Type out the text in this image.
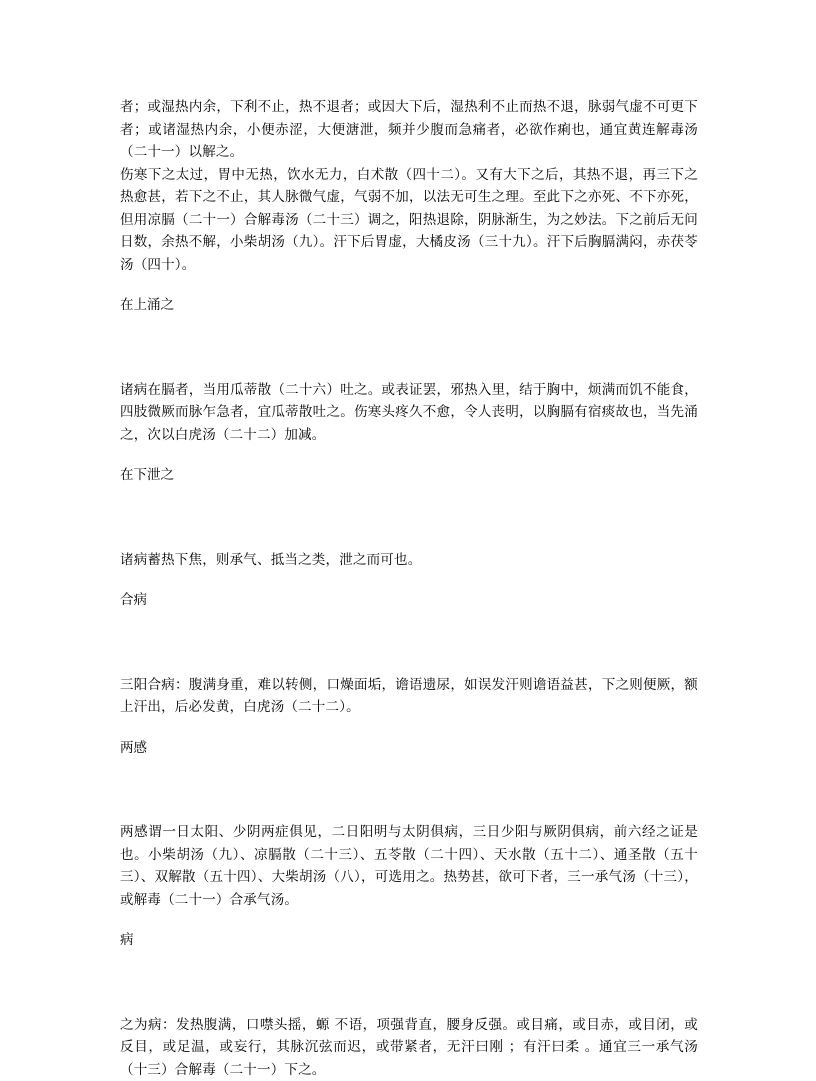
者；或湿热内余，下利不止，热不退者；或因大下后，湿热利不止而热不退，脉弱气虚不可更下者；或诸湿热内余，小便赤涩，大便溏泄，频并少腹而急痛者，必欲作痢也，通宜黄连解毒汤（二十一）以解之。

伤寒下之太过，胃中无热，饮水无力，白术散（四十二）。又有大下之后，其热不退，再三下之热愈甚，若下之不止，其人脉微气虚，气弱不加，以法无可生之理。至此下之亦死、不下亦死，但用凉膈（二十一）合解毒汤（二十三）调之，阳热退除，阴脉渐生，为之妙法。下之前后无问日数，余热不解，小柴胡汤（九）。汗下后胃虚，大橘皮汤（三十九）。汗下后胸膈满闷，赤茯苓汤（四十）。

在上涌之

诸病在膈者，当用瓜蒂散（二十六）吐之。或表证罢，邪热入里，结于胸中，烦满而饥不能食，四肢微厥而脉乍急者，宜瓜蒂散吐之。伤寒头疼久不愈，令人丧明，以胸膈有宿痰故也，当先涌之，次以白虎汤（二十二）加减。

在下泄之

诸病蓄热下焦，则承气、抵当之类，泄之而可也。

合病

三阳合病：腹满身重，难以转侧，口燥面垢，谵语遗尿，如误发汗则谵语益甚，下之则便厥，额上汗出，后必发黄，白虎汤（二十二）。

两感

两感谓一日太阳、少阴两症俱见，二日阳明与太阴俱病，三日少阳与厥阴俱病，前六经之证是也。小柴胡汤（九）、凉膈散（二十三）、五苓散（二十四）、天水散（五十二）、通圣散（五十三）、双解散（五十四）、大柴胡汤（八），可选用之。热势甚，欲可下者，三一承气汤（十三），或解毒（二十一）合承气汤。

病

之为病：发热腹满，口噤头摇，螈 不语，项强背直，腰身反强。或目痛，或目赤，或目闭，或反目，或足温，或妄行，其脉沉弦而迟，或带紧者，无汗曰刚 ；有汗曰柔 。通宜三一承气汤（十三）合解毒（二十一）下之。
